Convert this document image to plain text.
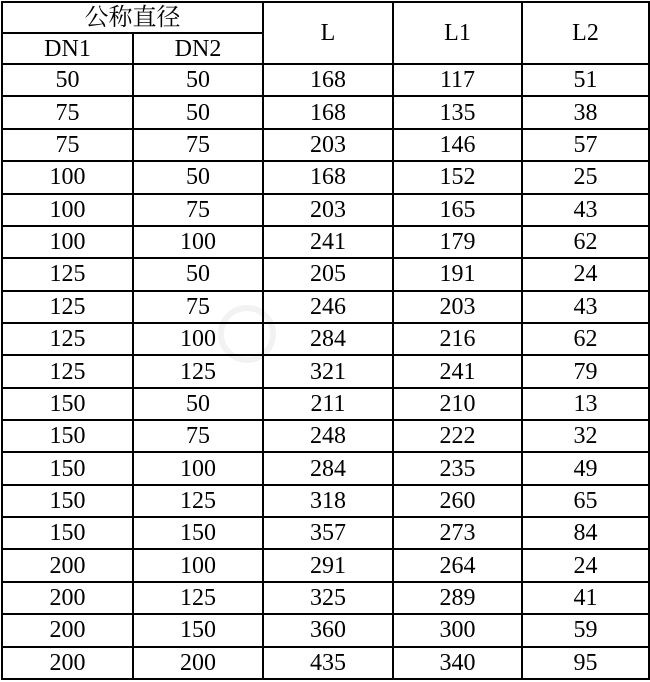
公称直径		L	L1	L2
DN1	DN2			
50	50	168	117	51
75	50	168	135	38
75	75	203	146	57
100	50	168	152	25
100	75	203	165	43
100	100	241	179	62
125	50	205	191	24
125	75	246	203	43
125	100	284	216	62
125	125	321	241	79
150	50	211	210	13
150	75	248	222	32
150	100	284	235	49
150	125	318	260	65
150	150	357	273	84
200	100	291	264	24
200	125	325	289	41
200	150	360	300	59
200	200	435	340	95
